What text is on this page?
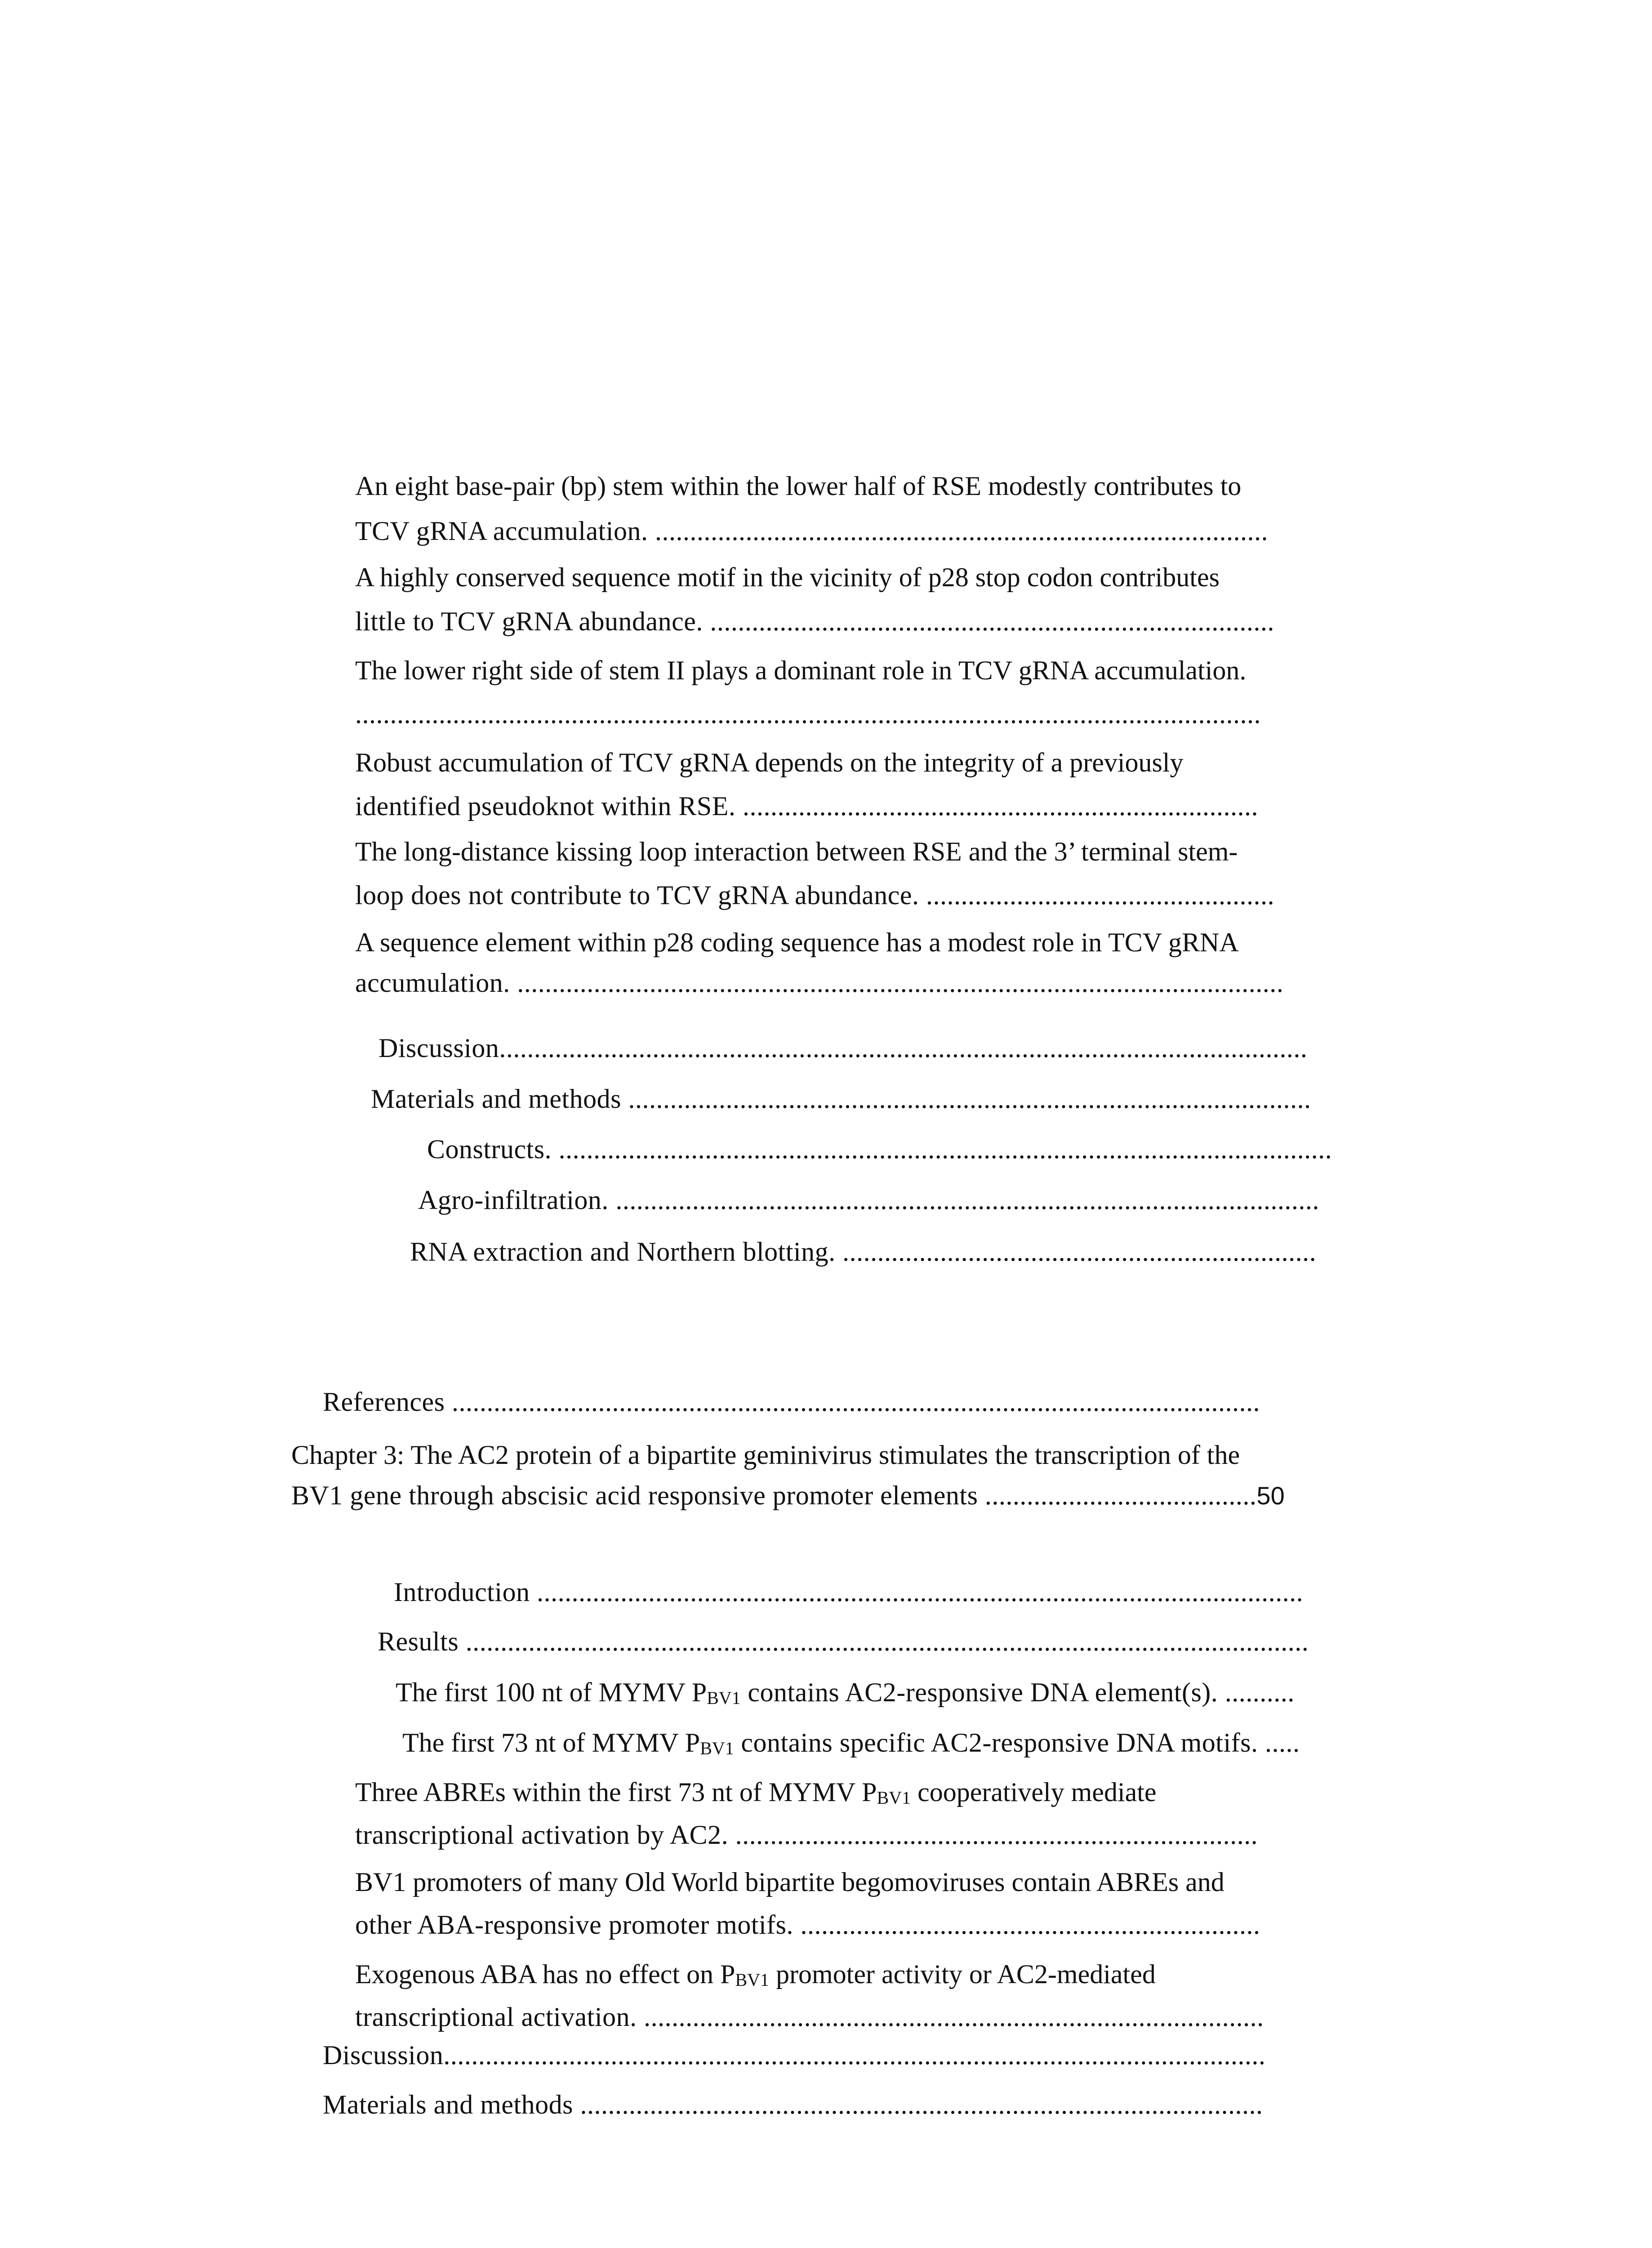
An eight base-pair (bp) stem within the lower half of RSE modestly contributes to
TCV gRNA accumulation. ........................................................................................
A highly conserved sequence motif in the vicinity of p28 stop codon contributes
little to TCV gRNA abundance. .................................................................................
The lower right side of stem II plays a dominant role in TCV gRNA accumulation.
..................................................................................................................................
Robust accumulation of TCV gRNA depends on the integrity of a previously
identified pseudoknot within RSE. ..........................................................................
The long-distance kissing loop interaction between RSE and the 3’ terminal stem-
loop does not contribute to TCV gRNA abundance. ..................................................
A sequence element within p28 coding sequence has a modest role in TCV gRNA
accumulation. ..............................................................................................................
Discussion....................................................................................................................
Materials and methods ..................................................................................................
Constructs. ...............................................................................................................
Agro-infiltration. .....................................................................................................
RNA extraction and Northern blotting. ....................................................................
References ....................................................................................................................
Chapter 3: The AC2 protein of a bipartite geminivirus stimulates the transcription of the
BV1 gene through abscisic acid responsive promoter elements .......................................50
Introduction ..............................................................................................................
Results .........................................................................................................................
The first 100 nt of MYMV $P_{BV1}$ contains AC2-responsive DNA element(s). ..........
The first 73 nt of MYMV $P_{BV1}$ contains specific AC2-responsive DNA motifs. .....
Three ABREs within the first 73 nt of MYMV $P_{BV1}$ cooperatively mediate
transcriptional activation by AC2. ...........................................................................
BV1 promoters of many Old World bipartite begomoviruses contain ABREs and
other ABA-responsive promoter motifs. ..................................................................
Exogenous ABA has no effect on $P_{BV1}$ promoter activity or AC2-mediated
transcriptional activation. .........................................................................................
Discussion......................................................................................................................
Materials and methods ..................................................................................................
